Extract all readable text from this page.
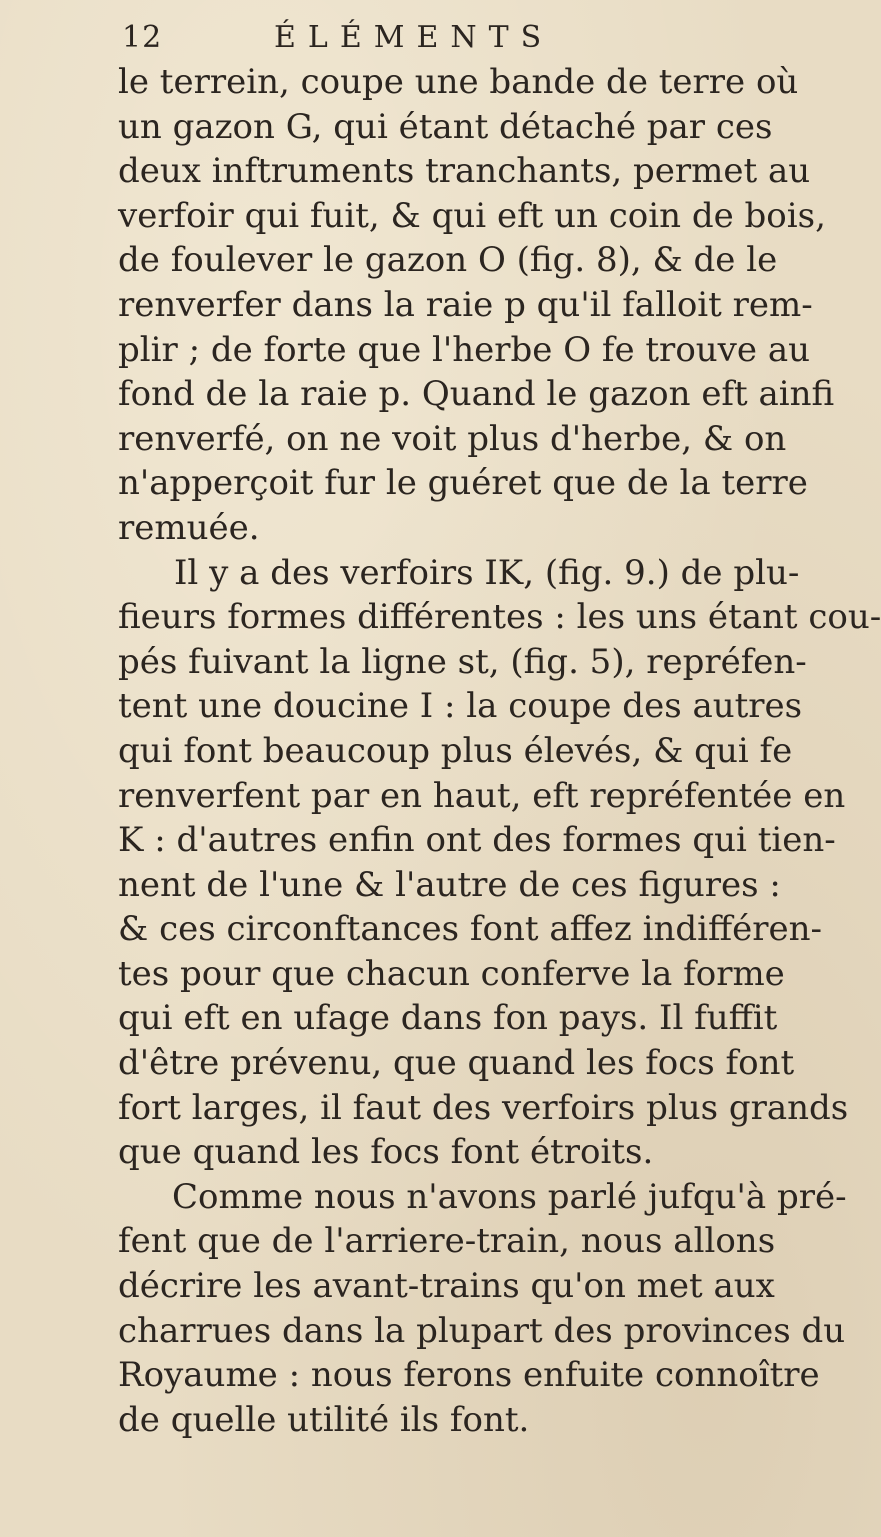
12	ÉLÉMENTS
le terrein, coupe une bande de terre où
un gazon G, qui étant détaché par ces
deux inftruments tranchants, permet au
verfoir qui fuit, & qui eft un coin de bois,
de foulever le gazon O (fig. 8), & de le
renverfer dans la raie p qu'il falloit rem-
plir ; de forte que l'herbe O fe trouve au
fond de la raie p. Quand le gazon eft ainfi
renverfé, on ne voit plus d'herbe, & on
n'apperçoit fur le guéret que de la terre
remuée.
Il y a des verfoirs IK, (fig. 9.) de plu-
fieurs formes différentes : les uns étant cou-
pés fuivant la ligne st, (fig. 5), repréfen-
tent une doucine I : la coupe des autres
qui font beaucoup plus élevés, & qui fe
renverfent par en haut, eft repréfentée en
K : d'autres enfin ont des formes qui tien-
nent de l'une & l'autre de ces figures :
& ces circonftances font affez indifféren-
tes pour que chacun conferve la forme
qui eft en ufage dans fon pays. Il fuffit
d'être prévenu, que quand les focs font
fort larges, il faut des verfoirs plus grands
que quand les focs font étroits.
Comme nous n'avons parlé jufqu'à pré-
fent que de l'arriere-train, nous allons
décrire les avant-trains qu'on met aux
charrues dans la plupart des provinces du
Royaume : nous ferons enfuite connoître
de quelle utilité ils font.
